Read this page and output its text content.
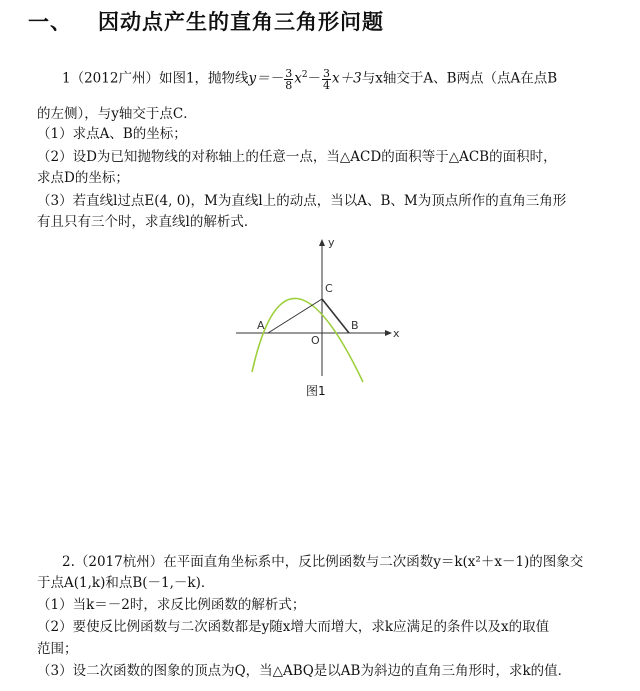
一、 因动点产生的直角三角形问题
1（2012广州）如图1，抛物线$y=- \frac{3}{8} x^2- \frac{3}{4} x+3$与x轴交于A、B两点（点A在点B
的左侧），与y轴交于点C．
（1）求点A、B的坐标；
（2）设D为已知抛物线的对称轴上的任意一点，当△ACD的面积等于△ACB的面积时，
求点D的坐标；
（3）若直线l过点E(4, 0)，M为直线l上的动点，当以A、B、M为顶点所作的直角三角形
有且只有三个时，求直线l的解析式．
y
x
A	B
C
O
图1
2.（2017杭州）在平面直角坐标系中，反比例函数与二次函数y＝k(x²＋x－1)的图象交
于点A(1,k)和点B(－1,－k)．
（1）当k＝－2时，求反比例函数的解析式；
（2）要使反比例函数与二次函数都是y随x增大而增大，求k应满足的条件以及x的取值
范围；
（3）设二次函数的图象的顶点为Q，当△ABQ是以AB为斜边的直角三角形时，求k的值．
